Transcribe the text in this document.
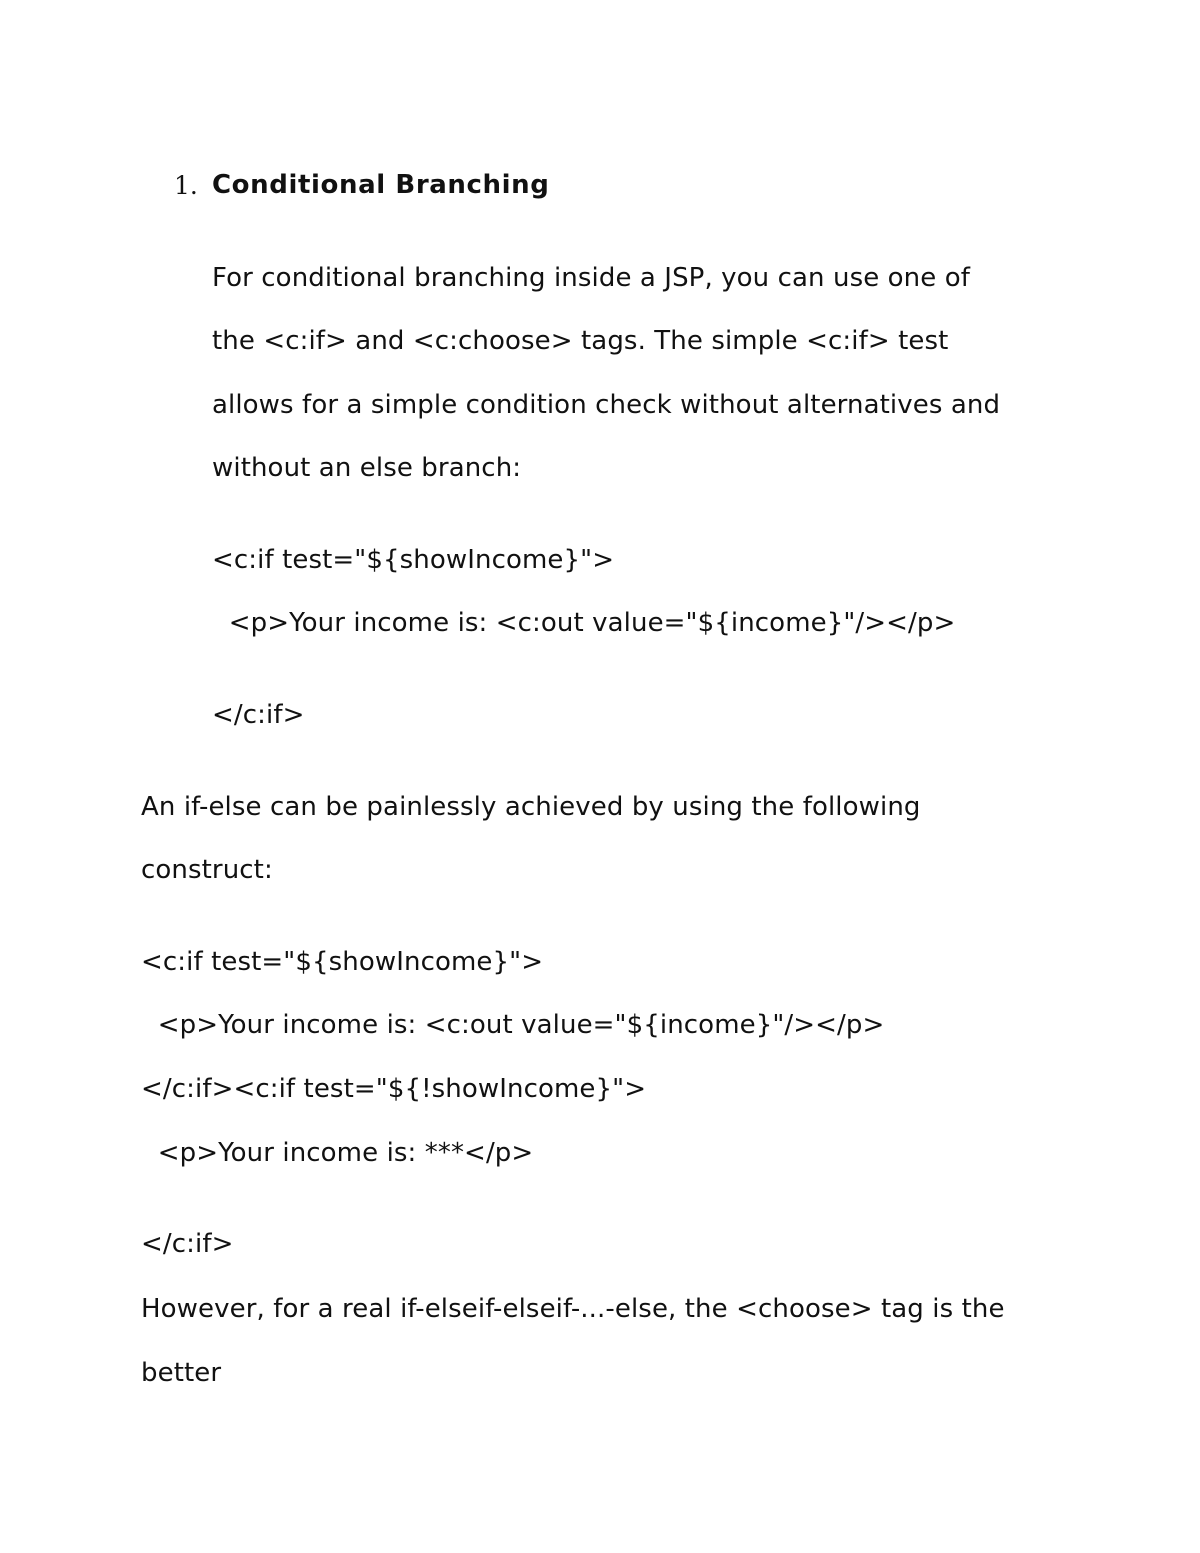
1. Conditional Branching
For conditional branching inside a JSP, you can use one of
the <c:if> and <c:choose> tags. The simple <c:if> test
allows for a simple condition check without alternatives and
without an else branch:
<c:if test="${showIncome}">
<p>Your income is: <c:out value="${income}"/></p>
</c:if>
An if-else can be painlessly achieved by using the following
construct:
<c:if test="${showIncome}">
<p>Your income is: <c:out value="${income}"/></p>
</c:if><c:if test="${!showIncome}">
<p>Your income is: ***</p>
</c:if>
However, for a real if-elseif-elseif-...-else, the <choose> tag is the
better
